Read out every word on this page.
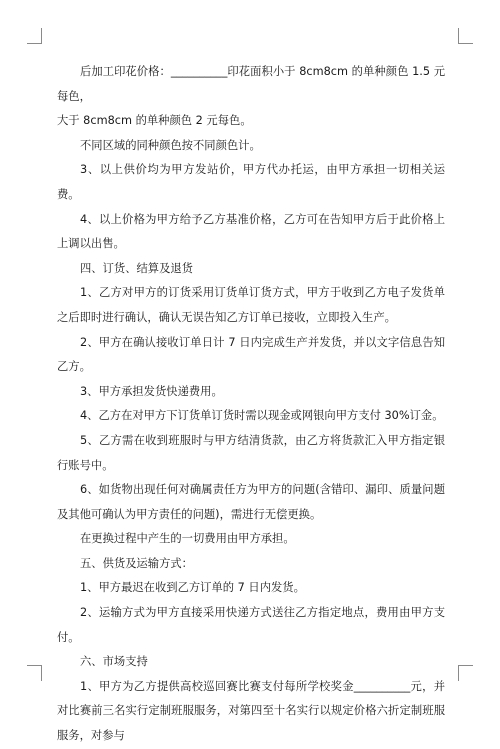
后加工印花价格：__________印花面积小于 8cm8cm 的单种颜色 1.5 元每色，

大于 8cm8cm 的单种颜色 2 元每色。

不同区域的同种颜色按不同颜色计。

3、以上供价均为甲方发站价，甲方代办托运，由甲方承担一切相关运费。

4、以上价格为甲方给予乙方基准价格，乙方可在告知甲方后于此价格上上调以出售。

四、订货、结算及退货

1、乙方对甲方的订货采用订货单订货方式，甲方于收到乙方电子发货单之后即时进行确认，确认无误告知乙方订单已接收，立即投入生产。

2、甲方在确认接收订单日计 7 日内完成生产并发货，并以文字信息告知乙方。

3、甲方承担发货快递费用。

4、乙方在对甲方下订货单订货时需以现金或网银向甲方支付 30%订金。

5、乙方需在收到班服时与甲方结清货款，由乙方将货款汇入甲方指定银行账号中。

6、如货物出现任何对确属责任方为甲方的问题(含错印、漏印、质量问题及其他可确认为甲方责任的问题)，需进行无偿更换。

在更换过程中产生的一切费用由甲方承担。

五、供货及运输方式：

1、甲方最迟在收到乙方订单的 7 日内发货。

2、运输方式为甲方直接采用快递方式送往乙方指定地点，费用由甲方支付。

六、市场支持

1、甲方为乙方提供高校巡回赛比赛支付每所学校奖金__________元，并对比赛前三名实行定制班服服务，对第四至十名实行以规定价格六折定制班服服务，对参与
